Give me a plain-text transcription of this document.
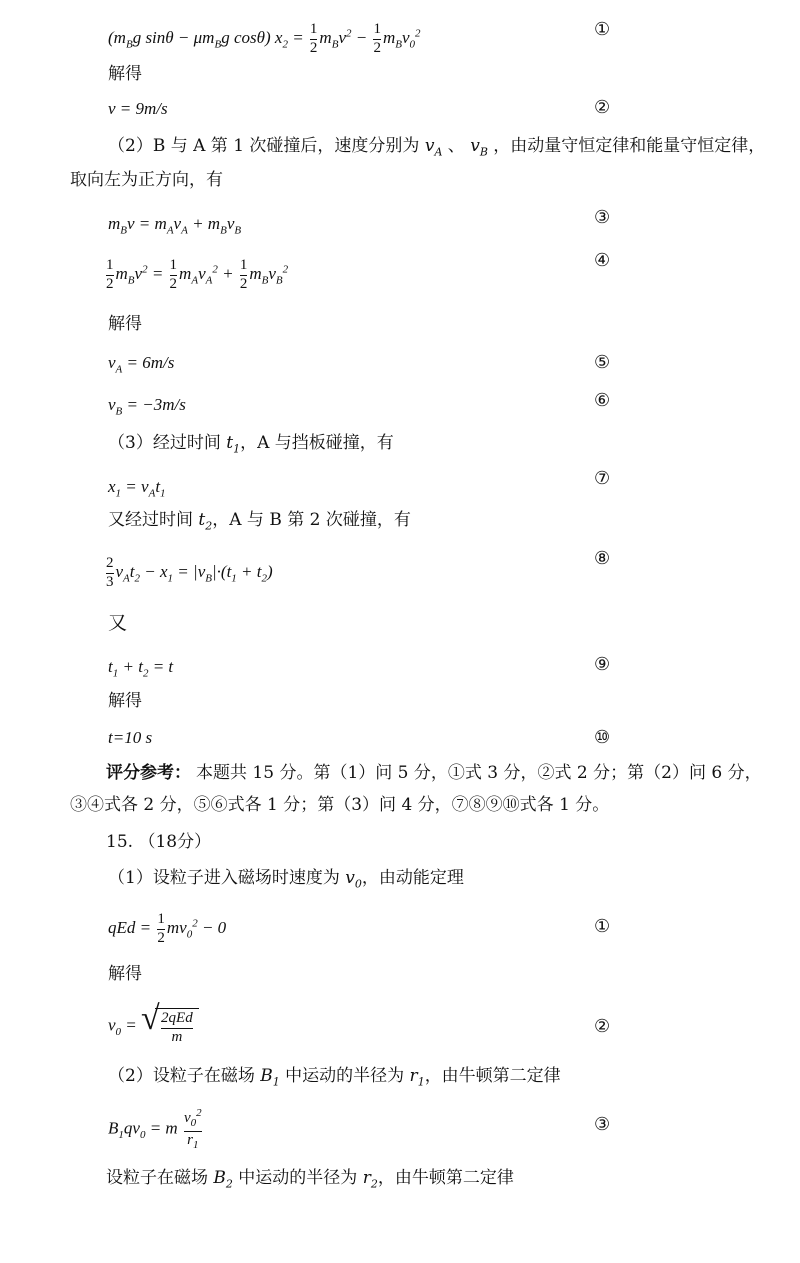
($m_Bg$ $\sin\theta - \mu m_Bg$ cosθ) $x_2 = \frac{1}{2} m_Bv^2 - \frac{1}{2} m_Bv_0^2$	①
解得
v = 9m/s	②
（2）B 与 A 第 1 次碰撞后，速度分别为 $v_A$ 、 $v_B$ ，由动量守恒定律和能量守恒定律，
取向左为正方向，有
$m_Bv = m_Av_A + m_Bv_B$
③
$\frac{1}{2} m_Bv^2 = \frac{1}{2} m_Av_A^2 + \frac{1}{2} m_Bv_B^2$	④
解得
$v_A = 6m/s$	⑤
$v_B = -3m/s$	⑥
（3）经过时间 $t_1$，A 与挡板碰撞，有
$x_1 = v_At_1$
⑦
又经过时间 $t_2$，A 与 B 第 2 次碰撞，有
$\frac{2}{3} v_At_2 - x_1 = |v_B|\cdot(t_1 + t_2)$
⑧
又
$t_1 + t_2 = t$	⑨
解得
t=10 s	⑩
评分参考： 本题共 15 分。第（1）问 5 分，①式 3 分，②式 2 分；第（2）问 6 分，
③④式各 2 分，⑤⑥式各 1 分；第（3）问 4 分，⑦⑧⑨⑩式各 1 分。
15. （18分）
（1）设粒子进入磁场时速度为 $v_0$，由动能定理
qEd = $\frac{1}{2} mv_0^2 - 0$	①
解得
$v_0$ = √ $\frac{\text{2qEd}}{m}$	②
（2）设粒子在磁场 $B_1$ 中运动的半径为 $r_1$，由牛顿第二定律
$B_1qv_0 = m \frac{v_0^2}{r_1}$	③
设粒子在磁场 $B_2$ 中运动的半径为 $r_2$，由牛顿第二定律
